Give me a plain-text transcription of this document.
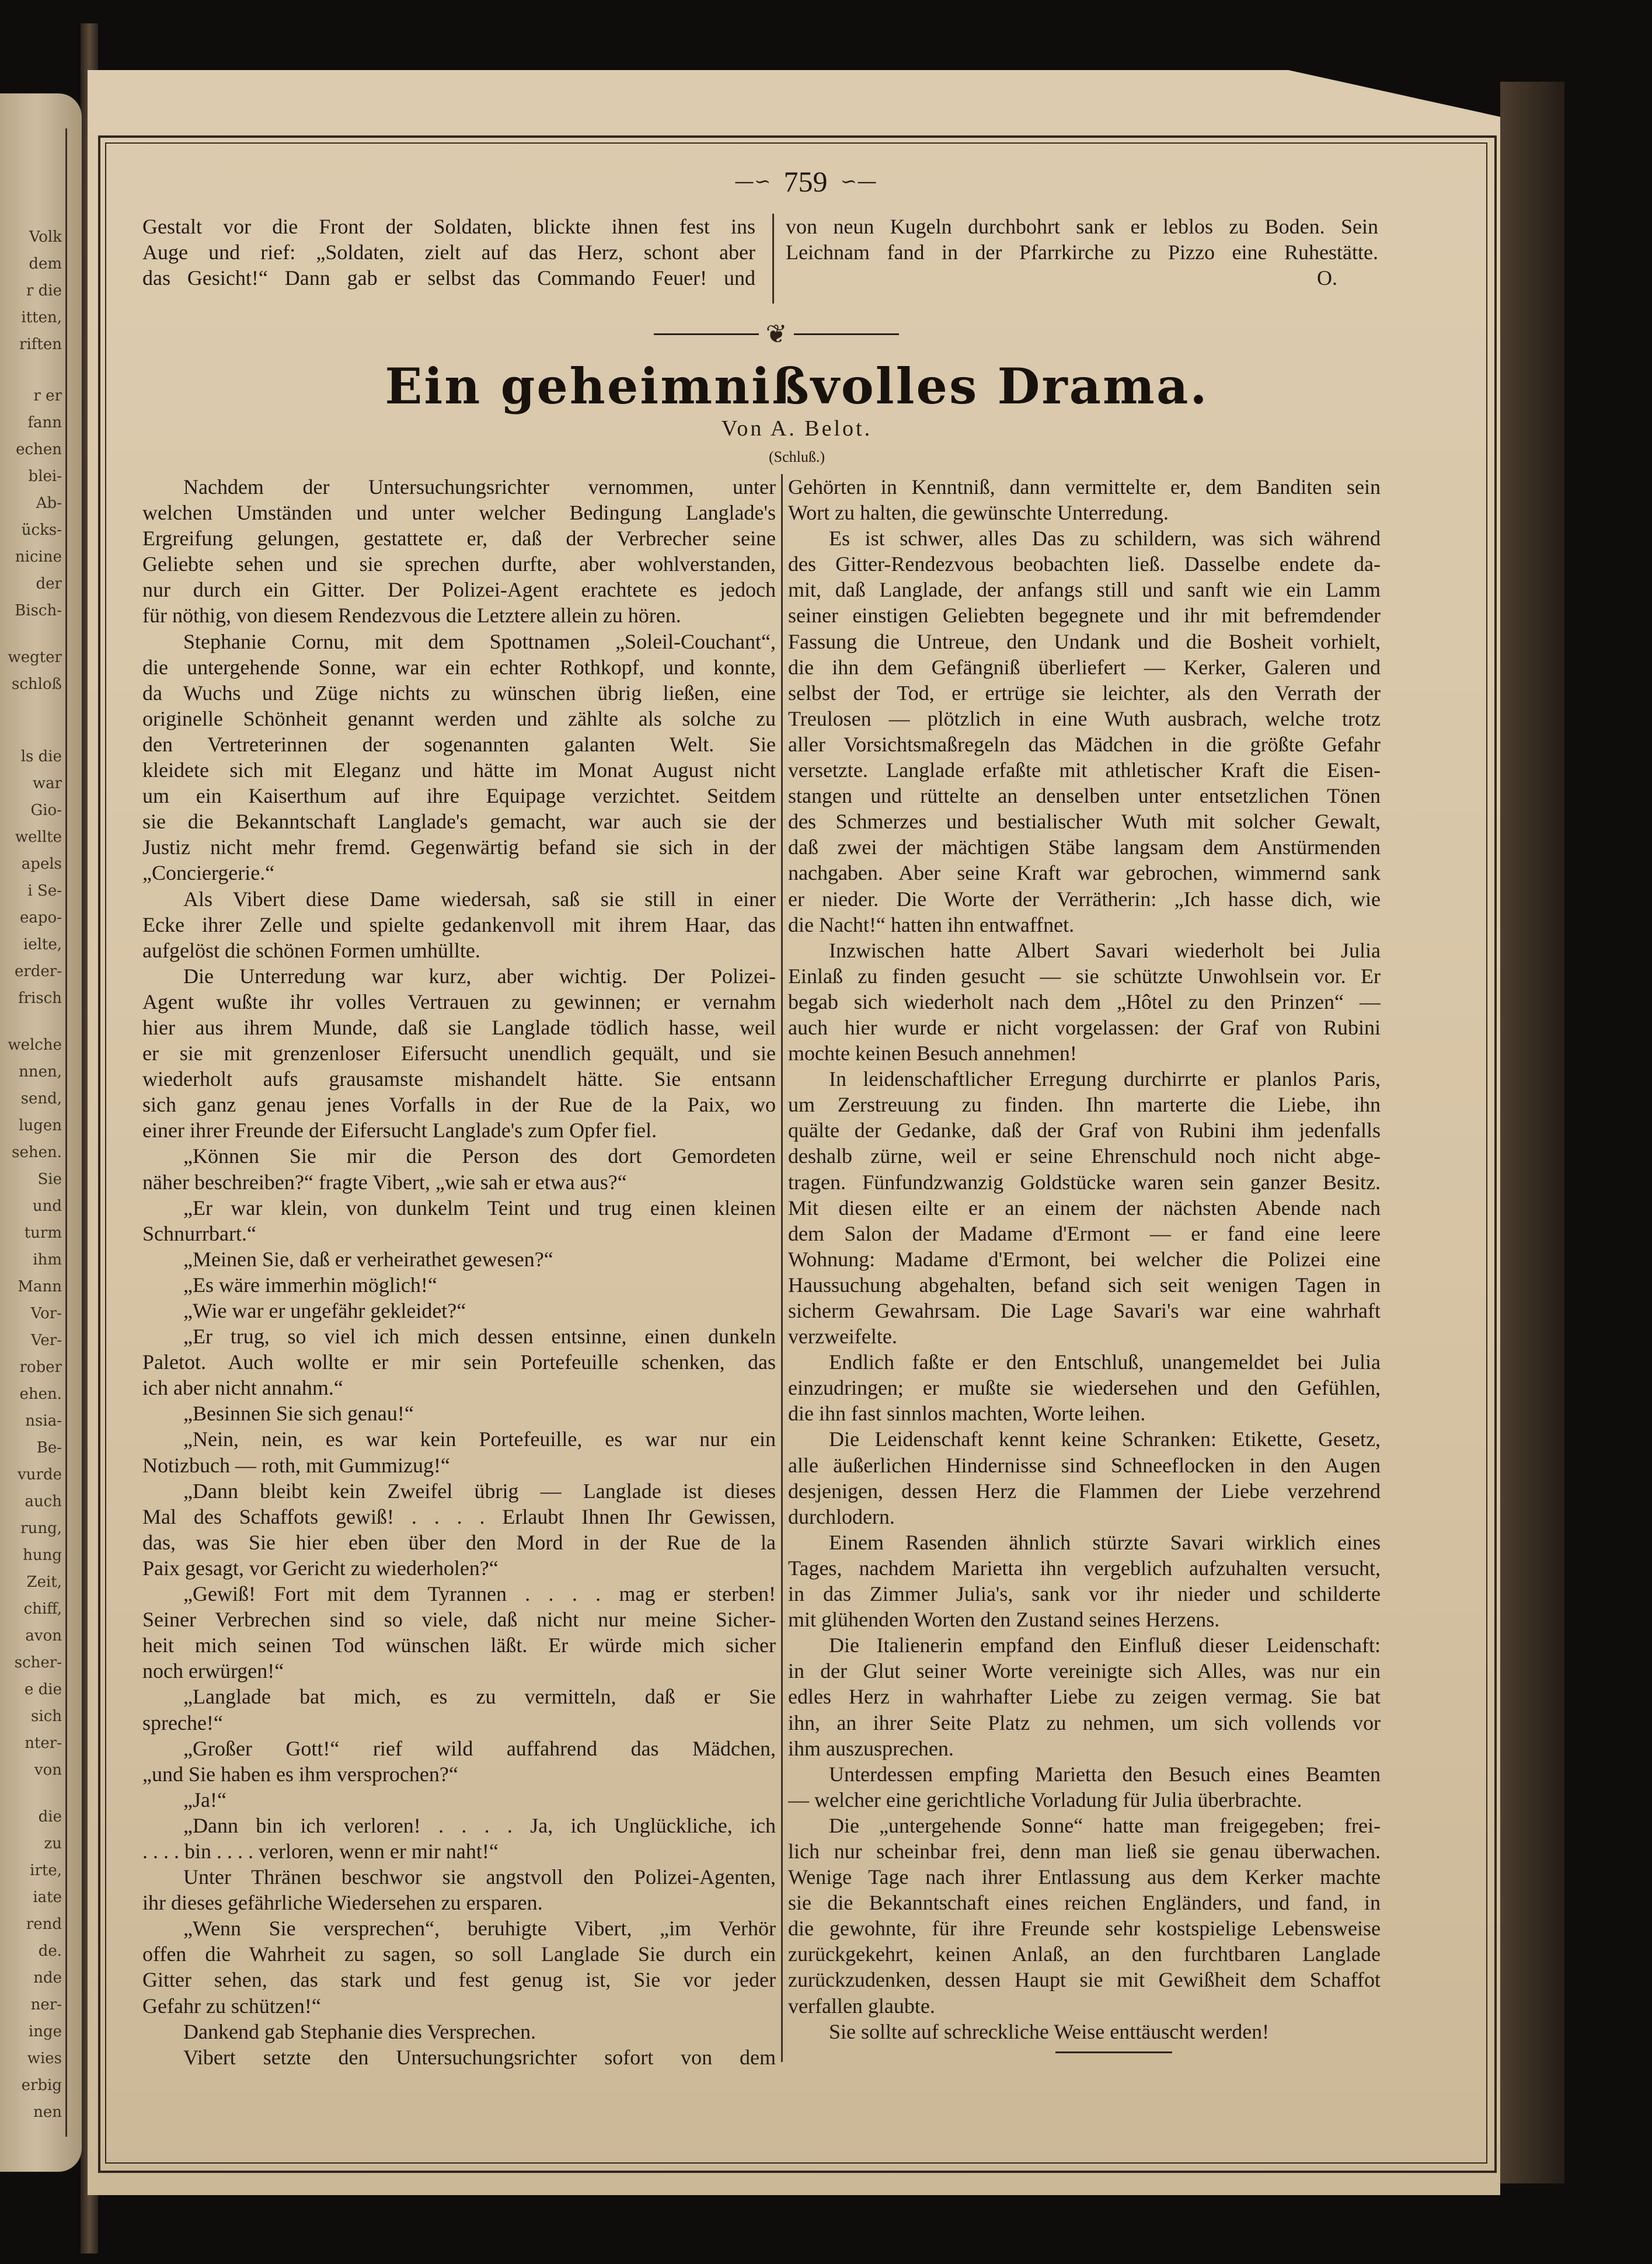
Volk
dem
r die
itten,
riften
r er
fann
echen
blei-
Ab-
ücks-
nicine
der
Bisch-
wegter
schloß
ls die
war
Gio-
wellte
apels
i Se-
eapo-
ielte,
erder-
frisch
welche
nnen,
send,
lugen
sehen.
Sie
und
turm
ihm
Mann
Vor-
Ver-
rober
ehen.
nsia-
Be-
vurde
auch
rung,
hung
Zeit,
chiff,
avon
scher-
e die
sich
nter-
von
die
zu
irte,
iate
rend
de.
nde
ner-
inge
wies
erbig
nen
—∽ 759 ∽—
Gestalt vor die Front der Soldaten, blickte ihnen fest ins
Auge und rief: „Soldaten, zielt auf das Herz, schont aber
das Gesicht!“ Dann gab er selbst das Commando Feuer! und
von neun Kugeln durchbohrt sank er leblos zu Boden. Sein
Leichnam fand in der Pfarrkirche zu Pizzo eine Ruhestätte.
O.
❦
Ein geheimnißvolles Drama.
Von A. Belot.
(Schluß.)
Nachdem der Untersuchungsrichter vernommen, unter
welchen Umständen und unter welcher Bedingung Langlade's
Ergreifung gelungen, gestattete er, daß der Verbrecher seine
Geliebte sehen und sie sprechen durfte, aber wohlverstanden,
nur durch ein Gitter. Der Polizei-Agent erachtete es jedoch
für nöthig, von diesem Rendezvous die Letztere allein zu hören.
Stephanie Cornu, mit dem Spottnamen „Soleil-Couchant“,
die untergehende Sonne, war ein echter Rothkopf, und konnte,
da Wuchs und Züge nichts zu wünschen übrig ließen, eine
originelle Schönheit genannt werden und zählte als solche zu
den Vertreterinnen der sogenannten galanten Welt. Sie
kleidete sich mit Eleganz und hätte im Monat August nicht
um ein Kaiserthum auf ihre Equipage verzichtet. Seitdem
sie die Bekanntschaft Langlade's gemacht, war auch sie der
Justiz nicht mehr fremd. Gegenwärtig befand sie sich in der
„Conciergerie.“
Als Vibert diese Dame wiedersah, saß sie still in einer
Ecke ihrer Zelle und spielte gedankenvoll mit ihrem Haar, das
aufgelöst die schönen Formen umhüllte.
Die Unterredung war kurz, aber wichtig. Der Polizei-
Agent wußte ihr volles Vertrauen zu gewinnen; er vernahm
hier aus ihrem Munde, daß sie Langlade tödlich hasse, weil
er sie mit grenzenloser Eifersucht unendlich gequält, und sie
wiederholt aufs grausamste mishandelt hätte. Sie entsann
sich ganz genau jenes Vorfalls in der Rue de la Paix, wo
einer ihrer Freunde der Eifersucht Langlade's zum Opfer fiel.
„Können Sie mir die Person des dort Gemordeten
näher beschreiben?“ fragte Vibert, „wie sah er etwa aus?“
„Er war klein, von dunkelm Teint und trug einen kleinen
Schnurrbart.“
„Meinen Sie, daß er verheirathet gewesen?“
„Es wäre immerhin möglich!“
„Wie war er ungefähr gekleidet?“
„Er trug, so viel ich mich dessen entsinne, einen dunkeln
Paletot. Auch wollte er mir sein Portefeuille schenken, das
ich aber nicht annahm.“
„Besinnen Sie sich genau!“
„Nein, nein, es war kein Portefeuille, es war nur ein
Notizbuch — roth, mit Gummizug!“
„Dann bleibt kein Zweifel übrig — Langlade ist dieses
Mal des Schaffots gewiß! . . . . Erlaubt Ihnen Ihr Gewissen,
das, was Sie hier eben über den Mord in der Rue de la
Paix gesagt, vor Gericht zu wiederholen?“
„Gewiß! Fort mit dem Tyrannen . . . . mag er sterben!
Seiner Verbrechen sind so viele, daß nicht nur meine Sicher-
heit mich seinen Tod wünschen läßt. Er würde mich sicher
noch erwürgen!“
„Langlade bat mich, es zu vermitteln, daß er Sie
spreche!“
„Großer Gott!“ rief wild auffahrend das Mädchen,
„und Sie haben es ihm versprochen?“
„Ja!“
„Dann bin ich verloren! . . . . Ja, ich Unglückliche, ich
. . . . bin . . . . verloren, wenn er mir naht!“
Unter Thränen beschwor sie angstvoll den Polizei-Agenten,
ihr dieses gefährliche Wiedersehen zu ersparen.
„Wenn Sie versprechen“, beruhigte Vibert, „im Verhör
offen die Wahrheit zu sagen, so soll Langlade Sie durch ein
Gitter sehen, das stark und fest genug ist, Sie vor jeder
Gefahr zu schützen!“
Dankend gab Stephanie dies Versprechen.
Vibert setzte den Untersuchungsrichter sofort von dem
Gehörten in Kenntniß, dann vermittelte er, dem Banditen sein
Wort zu halten, die gewünschte Unterredung.
Es ist schwer, alles Das zu schildern, was sich während
des Gitter-Rendezvous beobachten ließ. Dasselbe endete da-
mit, daß Langlade, der anfangs still und sanft wie ein Lamm
seiner einstigen Geliebten begegnete und ihr mit befremdender
Fassung die Untreue, den Undank und die Bosheit vorhielt,
die ihn dem Gefängniß überliefert — Kerker, Galeren und
selbst der Tod, er ertrüge sie leichter, als den Verrath der
Treulosen — plötzlich in eine Wuth ausbrach, welche trotz
aller Vorsichtsmaßregeln das Mädchen in die größte Gefahr
versetzte. Langlade erfaßte mit athletischer Kraft die Eisen-
stangen und rüttelte an denselben unter entsetzlichen Tönen
des Schmerzes und bestialischer Wuth mit solcher Gewalt,
daß zwei der mächtigen Stäbe langsam dem Anstürmenden
nachgaben. Aber seine Kraft war gebrochen, wimmernd sank
er nieder. Die Worte der Verrätherin: „Ich hasse dich, wie
die Nacht!“ hatten ihn entwaffnet.
Inzwischen hatte Albert Savari wiederholt bei Julia
Einlaß zu finden gesucht — sie schützte Unwohlsein vor. Er
begab sich wiederholt nach dem „Hôtel zu den Prinzen“ —
auch hier wurde er nicht vorgelassen: der Graf von Rubini
mochte keinen Besuch annehmen!
In leidenschaftlicher Erregung durchirrte er planlos Paris,
um Zerstreuung zu finden. Ihn marterte die Liebe, ihn
quälte der Gedanke, daß der Graf von Rubini ihm jedenfalls
deshalb zürne, weil er seine Ehrenschuld noch nicht abge-
tragen. Fünfundzwanzig Goldstücke waren sein ganzer Besitz.
Mit diesen eilte er an einem der nächsten Abende nach
dem Salon der Madame d'Ermont — er fand eine leere
Wohnung: Madame d'Ermont, bei welcher die Polizei eine
Haussuchung abgehalten, befand sich seit wenigen Tagen in
sicherm Gewahrsam. Die Lage Savari's war eine wahrhaft
verzweifelte.
Endlich faßte er den Entschluß, unangemeldet bei Julia
einzudringen; er mußte sie wiedersehen und den Gefühlen,
die ihn fast sinnlos machten, Worte leihen.
Die Leidenschaft kennt keine Schranken: Etikette, Gesetz,
alle äußerlichen Hindernisse sind Schneeflocken in den Augen
desjenigen, dessen Herz die Flammen der Liebe verzehrend
durchlodern.
Einem Rasenden ähnlich stürzte Savari wirklich eines
Tages, nachdem Marietta ihn vergeblich aufzuhalten versucht,
in das Zimmer Julia's, sank vor ihr nieder und schilderte
mit glühenden Worten den Zustand seines Herzens.
Die Italienerin empfand den Einfluß dieser Leidenschaft:
in der Glut seiner Worte vereinigte sich Alles, was nur ein
edles Herz in wahrhafter Liebe zu zeigen vermag. Sie bat
ihn, an ihrer Seite Platz zu nehmen, um sich vollends vor
ihm auszusprechen.
Unterdessen empfing Marietta den Besuch eines Beamten
— welcher eine gerichtliche Vorladung für Julia überbrachte.
Die „untergehende Sonne“ hatte man freigegeben; frei-
lich nur scheinbar frei, denn man ließ sie genau überwachen.
Wenige Tage nach ihrer Entlassung aus dem Kerker machte
sie die Bekanntschaft eines reichen Engländers, und fand, in
die gewohnte, für ihre Freunde sehr kostspielige Lebensweise
zurückgekehrt, keinen Anlaß, an den furchtbaren Langlade
zurückzudenken, dessen Haupt sie mit Gewißheit dem Schaffot
verfallen glaubte.
Sie sollte auf schreckliche Weise enttäuscht werden!
